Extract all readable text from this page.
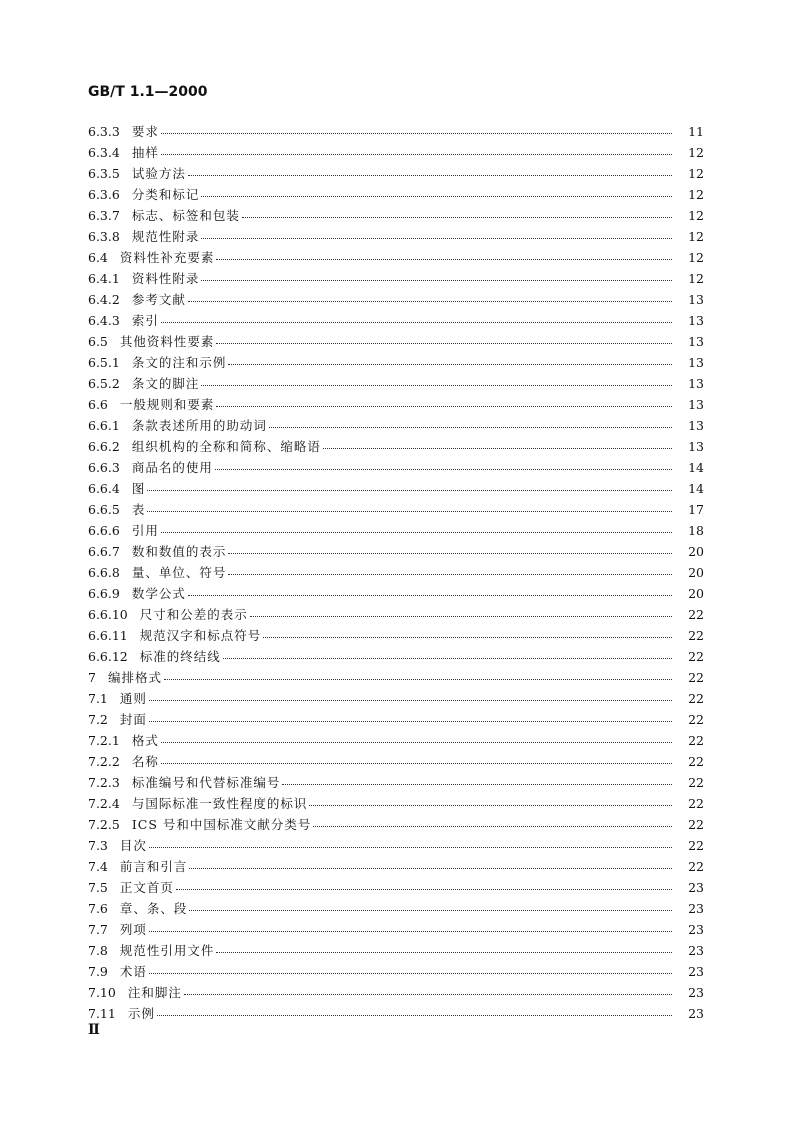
GB/T 1.1—2000
6.3.3 要求	11
6.3.4 抽样	12
6.3.5 试验方法	12
6.3.6 分类和标记	12
6.3.7 标志、标签和包装	12
6.3.8 规范性附录	12
6.4 资料性补充要素	12
6.4.1 资料性附录	12
6.4.2 参考文献	13
6.4.3 索引	13
6.5 其他资料性要素	13
6.5.1 条文的注和示例	13
6.5.2 条文的脚注	13
6.6 一般规则和要素	13
6.6.1 条款表述所用的助动词	13
6.6.2 组织机构的全称和简称、缩略语	13
6.6.3 商品名的使用	14
6.6.4 图	14
6.6.5 表	17
6.6.6 引用	18
6.6.7 数和数值的表示	20
6.6.8 量、单位、符号	20
6.6.9 数学公式	20
6.6.10 尺寸和公差的表示	22
6.6.11 规范汉字和标点符号	22
6.6.12 标准的终结线	22
7 编排格式	22
7.1 通则	22
7.2 封面	22
7.2.1 格式	22
7.2.2 名称	22
7.2.3 标准编号和代替标准编号	22
7.2.4 与国际标准一致性程度的标识	22
7.2.5 ICS 号和中国标准文献分类号	22
7.3 目次	22
7.4 前言和引言	22
7.5 正文首页	23
7.6 章、条、段	23
7.7 列项	23
7.8 规范性引用文件	23
7.9 术语	23
7.10 注和脚注	23
7.11 示例	23
Ⅱ
